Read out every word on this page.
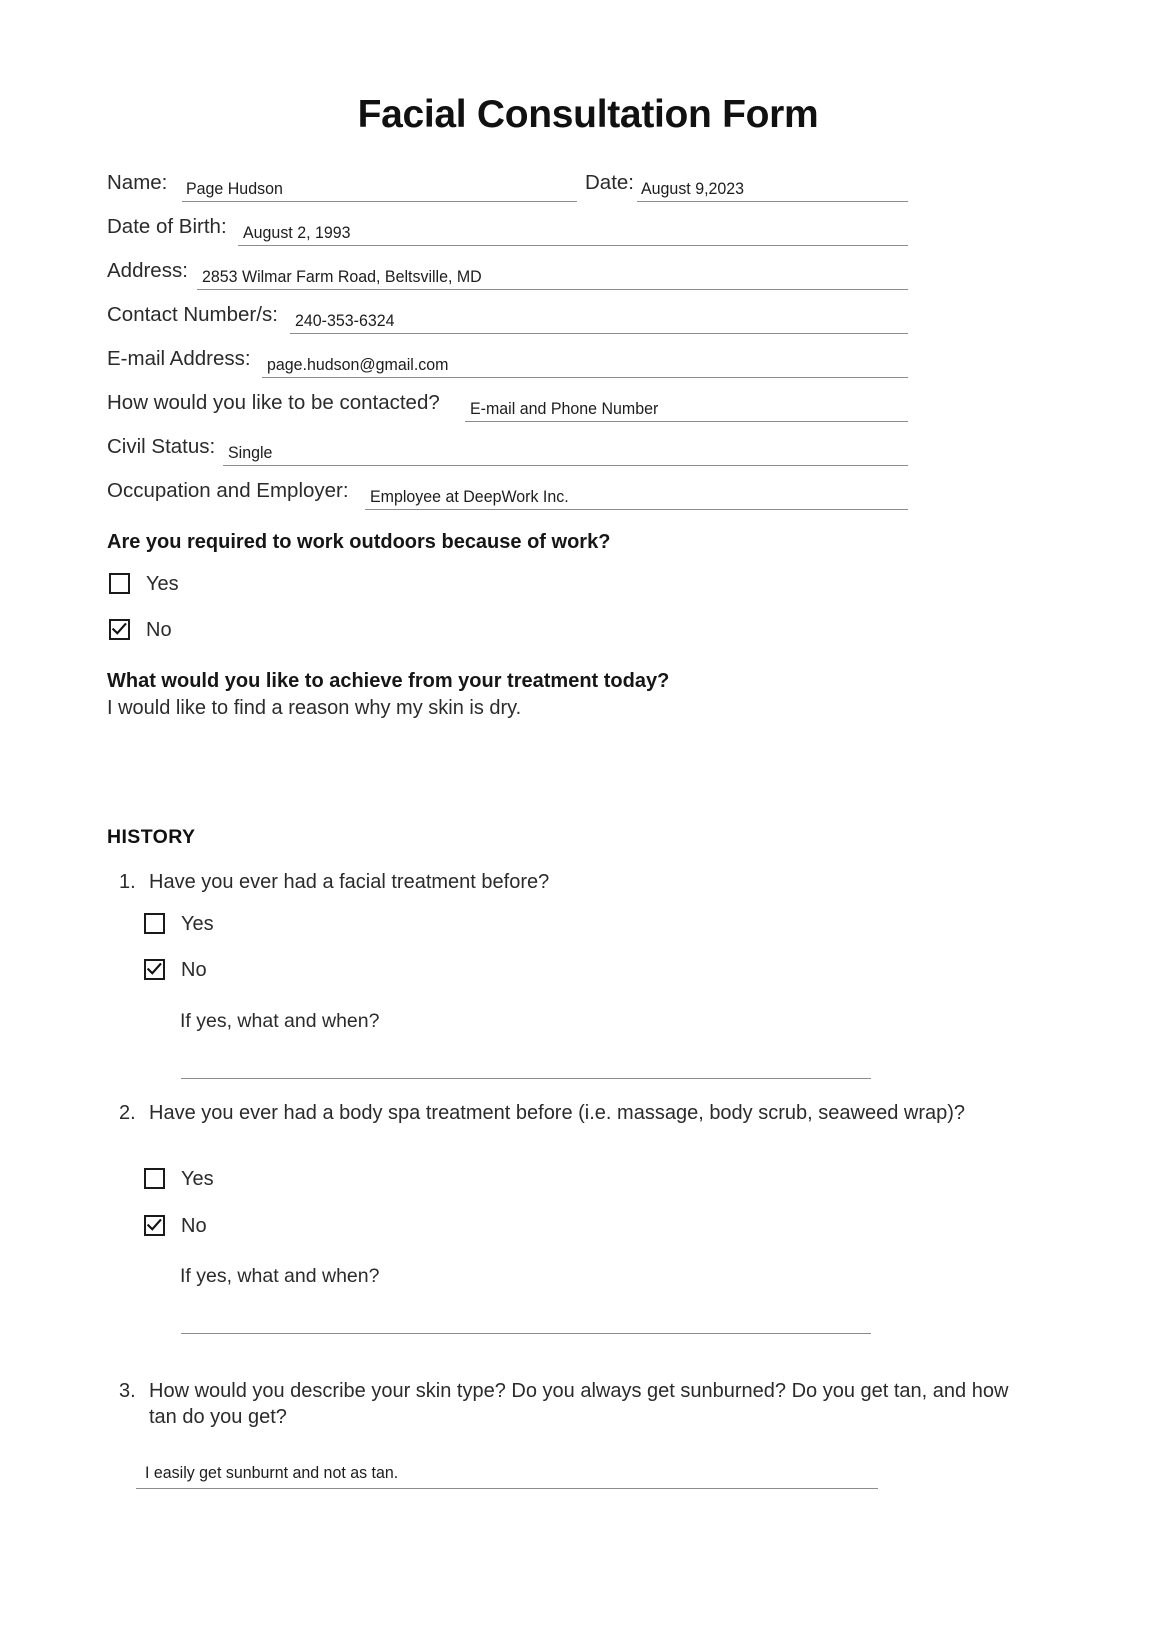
Facial Consultation Form
Name: Page Hudson	Date: August 9,2023
Date of Birth: August 2, 1993
Address: 2853 Wilmar Farm Road, Beltsville, MD
Contact Number/s: 240-353-6324
E-mail Address: page.hudson@gmail.com
How would you like to be contacted? E-mail and Phone Number
Civil Status: Single
Occupation and Employer: Employee at DeepWork Inc.
Are you required to work outdoors because of work?
Yes
No
What would you like to achieve from your treatment today?
I would like to find a reason why my skin is dry.
HISTORY
1. Have you ever had a facial treatment before?
Yes
No
If yes, what and when?
2. Have you ever had a body spa treatment before (i.e. massage, body scrub, seaweed wrap)?
Yes
No
If yes, what and when?
3. How would you describe your skin type? Do you always get sunburned? Do you get tan, and how tan do you get?
I easily get sunburnt and not as tan.
